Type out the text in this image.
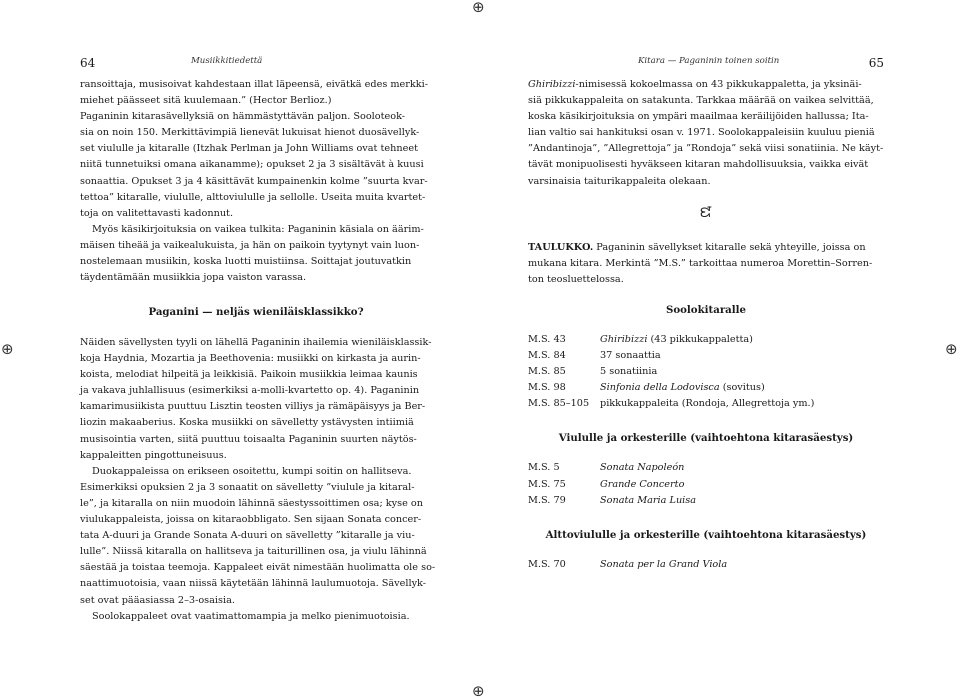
⊕
⊕	⊕
⊕
64	Musiikkitiedettä
ransoittaja, musisoivat kahdestaan illat läpeensä, eivätkä edes merkki-
miehet päässeet sitä kuulemaan.” (Hector Berlioz.)
Paganinin kitarasävellyksiä on hämmästyttävän paljon. Sooloteok-
sia on noin 150. Merkittävimpiä lienevät lukuisat hienot duosävellyk-
set viululle ja kitaralle (Itzhak Perlman ja John Williams ovat tehneet
niitä tunnetuiksi omana aikanamme); opukset 2 ja 3 sisältävät à kuusi
sonaattia. Opukset 3 ja 4 käsittävät kumpainenkin kolme ”suurta kvar-
tettoa” kitaralle, viululle, alttoviululle ja sellolle. Useita muita kvartet-
toja on valitettavasti kadonnut.
Myös käsikirjoituksia on vaikea tulkita: Paganinin käsiala on äärim-
mäisen tiheää ja vaikealukuista, ja hän on paikoin tyytynyt vain luon-
nostelemaan musiikin, koska luotti muistiinsa. Soittajat joutuvatkin
täydentämään musiikkia jopa vaiston varassa.

Paganini — neljäs wieniläisklassikko?

Näiden sävellysten tyyli on lähellä Paganinin ihailemia wieniläisklassik-
koja Haydnia, Mozartia ja Beethovenia: musiikki on kirkasta ja aurin-
koista, melodiat hilpeitä ja leikkisiä. Paikoin musiikkia leimaa kaunis
ja vakava juhlallisuus (esimerkiksi a-molli-kvartetto op. 4). Paganinin
kamarimusiikista puuttuu Lisztin teosten villiys ja rämäpäisyys ja Ber-
liozin makaaberius. Koska musiikki on sävelletty ystävysten intiimiä
musisointia varten, siitä puuttuu toisaalta Paganinin suurten näytös-
kappaleitten pingottuneisuus.
Duokappaleissa on erikseen osoitettu, kumpi soitin on hallitseva.
Esimerkiksi opuksien 2 ja 3 sonaatit on sävelletty ”viulule ja kitaral-
le”, ja kitaralla on niin muodoin lähinnä säestyssoittimen osa; kyse on
viulukappaleista, joissa on kitaraobbligato. Sen sijaan Sonata concer-
tata A-duuri ja Grande Sonata A-duuri on sävelletty ”kitaralle ja viu-
lulle”. Niissä kitaralla on hallitseva ja taiturillinen osa, ja viulu lähinnä
säestää ja toistaa teemoja. Kappaleet eivät nimestään huolimatta ole so-
naattimuotoisia, vaan niissä käytetään lähinnä laulumuotoja. Sävellyk-
set ovat pääasiassa 2–3-osaisia.
Soolokappaleet ovat vaatimattomampia ja melko pienimuotoisia.
Kitara — Paganinin toinen soitin	65
Ghiribizzi-nimisessä kokoelmassa on 43 pikkukappaletta, ja yksinäi-
siä pikkukappaleita on satakunta. Tarkkaa määrää on vaikea selvittää,
koska käsikirjoituksia on ympäri maailmaa keräilijöiden hallussa; Ita-
lian valtio sai hankituksi osan v. 1971. Soolokappaleisiin kuuluu pieniä
”Andantinoja”, ”Allegrettoja” ja ”Rondoja” sekä viisi sonatiinia. Ne käyt-
tävät monipuolisesti hyväkseen kitaran mahdollisuuksia, vaikka eivät
varsinaisia taiturikappaleita olekaan.
ᘿ
TAULUKKO. Paganinin sävellykset kitaralle sekä yhteyille, joissa on
mukana kitara. Merkintä ”M.S.” tarkoittaa numeroa Morettin–Sorren-
ton teosluettelossa.

Soolokitaralle

M.S. 43	Ghiribizzi (43 pikkukappaletta)
M.S. 84	37 sonaattia
M.S. 85	5 sonatiinia
M.S. 98	Sinfonia della Lodovisca (sovitus)
M.S. 85–105	pikkukappaleita (Rondoja, Allegrettoja ym.)

Viululle ja orkesterille (vaihtoehtona kitarasäestys)

M.S. 5	Sonata Napoleón
M.S. 75	Grande Concerto
M.S. 79	Sonata Maria Luisa

Alttoviululle ja orkesterille (vaihtoehtona kitarasäestys)

M.S. 70	Sonata per la Grand Viola
